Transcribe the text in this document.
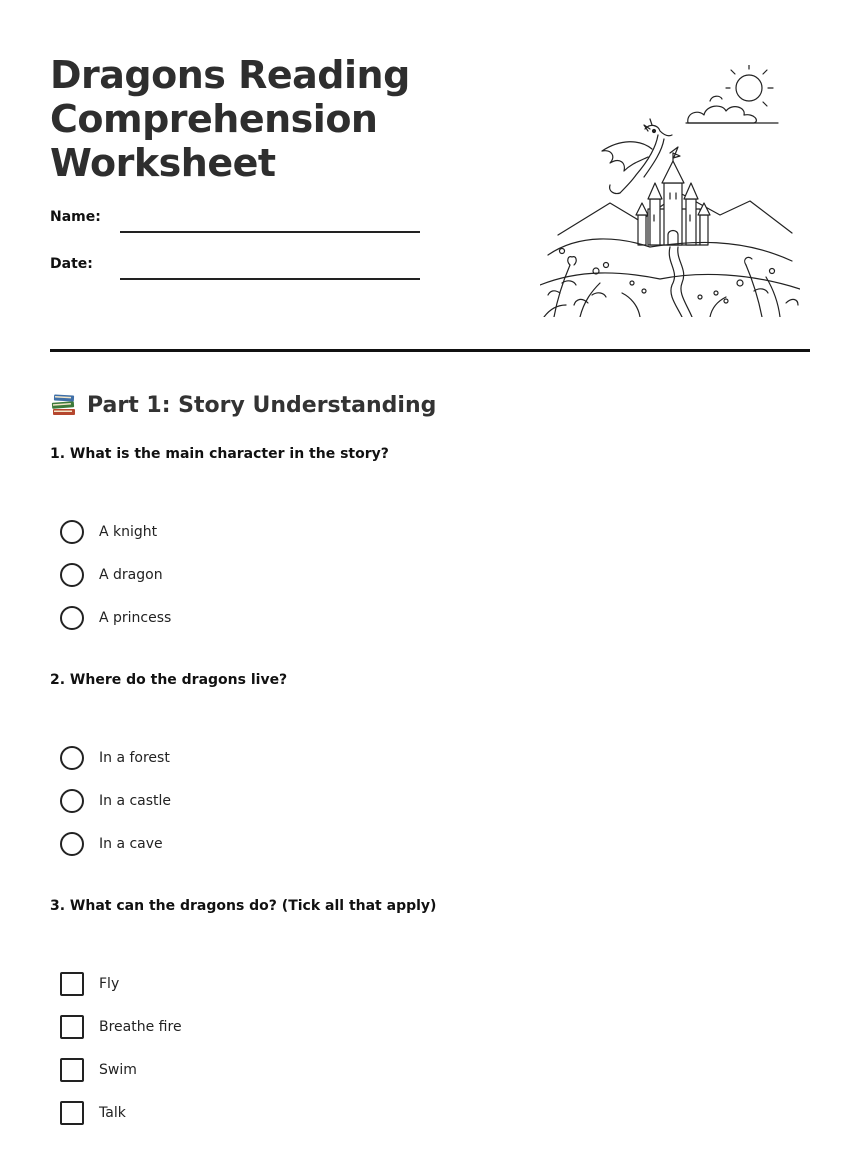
Dragons Reading
Comprehension
Worksheet
Name:
Date:
Part 1: Story Understanding
1. What is the main character in the story?
A knight
A dragon
A princess
2. Where do the dragons live?
In a forest
In a castle
In a cave
3. What can the dragons do? (Tick all that apply)
Fly
Breathe fire
Swim
Talk
